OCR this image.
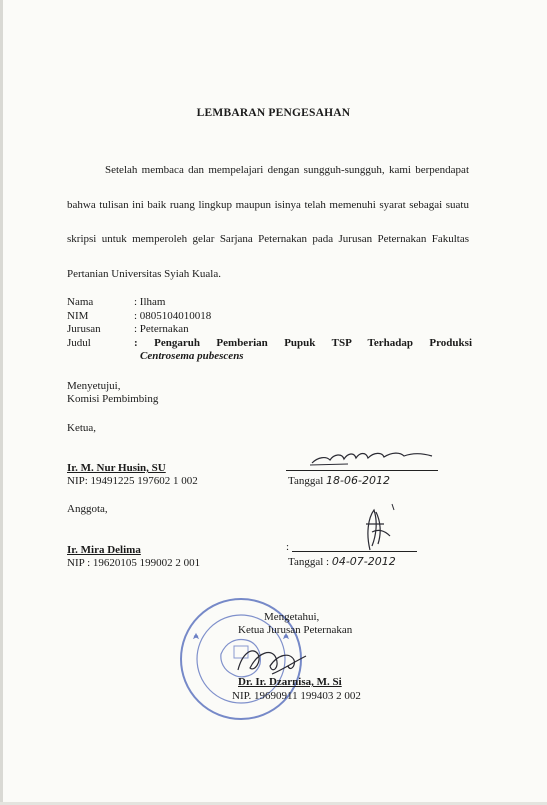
LEMBARAN PENGESAHAN

Setelah membaca dan mempelajari dengan sungguh-sungguh, kami berpendapat bahwa tulisan ini baik ruang lingkup maupun isinya telah memenuhi syarat sebagai suatu skripsi untuk memperoleh gelar Sarjana Peternakan pada Jurusan Peternakan Fakultas Pertanian Universitas Syiah Kuala.

Nama	: Ilham
NIM	: 0805104010018
Jurusan	: Peternakan
Judul	: Pengaruh Pemberian Pupuk TSP Terhadap Produksi
Centrosema pubescens
Menyetujui,
Komisi Pembimbing
Ketua,
Ir. M. Nur Husin, SU
NIP: 19491225 197602 1 002	Tanggal 18-06-2012
Anggota,
Ir. Mira Delima
NIP : 19620105 199002 2 001
:
Tanggal : 04-07-2012
Mengetahui,
Ketua Jurusan Peternakan
Dr. Ir. Dzarnisa, M. Si
NIP. 19690911 199403 2 002
